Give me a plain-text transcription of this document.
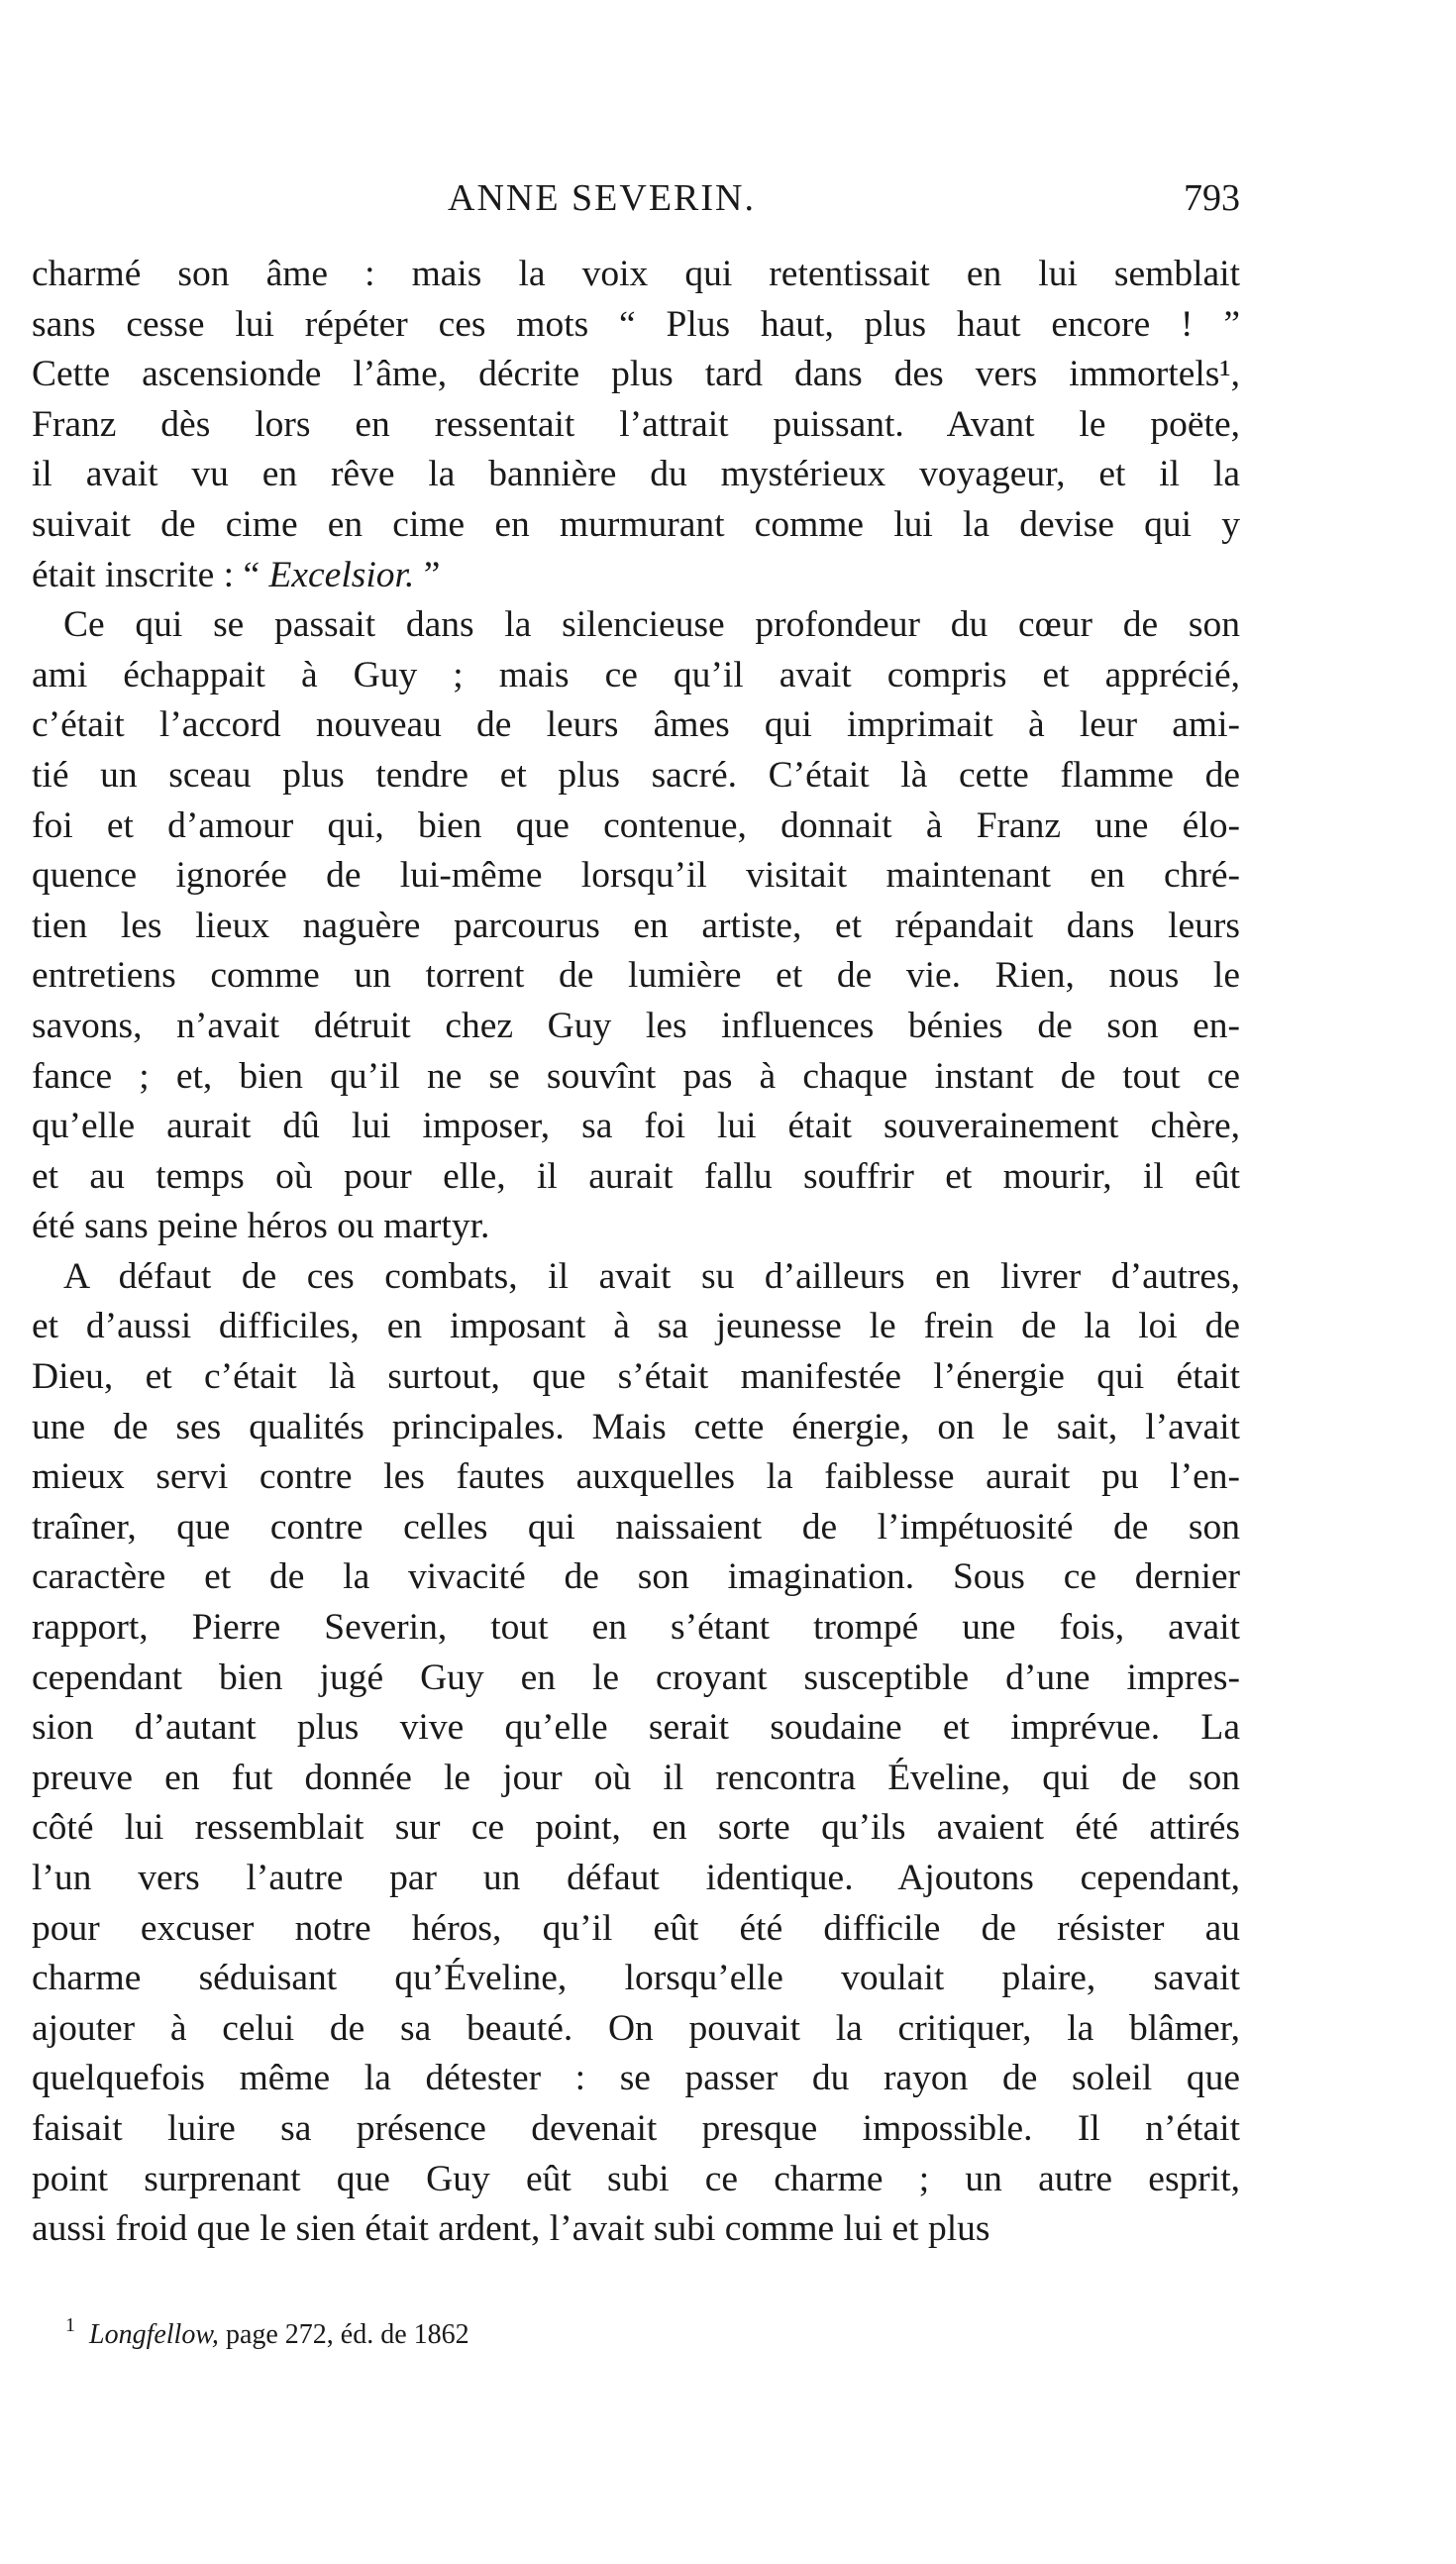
ANNE SEVERIN.	793
charmé son âme : mais la voix qui retentissait en lui semblait
sans cesse lui répéter ces mots “ Plus haut, plus haut encore ! ”
Cette ascensionde l’âme, décrite plus tard dans des vers immortels¹,
Franz dès lors en ressentait l’attrait puissant. Avant le poëte,
il avait vu en rêve la bannière du mystérieux voyageur, et il la
suivait de cime en cime en murmurant comme lui la devise qui y
était inscrite : “ Excelsior. ”
Ce qui se passait dans la silencieuse profondeur du cœur de son
ami échappait à Guy ; mais ce qu’il avait compris et apprécié,
c’était l’accord nouveau de leurs âmes qui imprimait à leur ami-
tié un sceau plus tendre et plus sacré. C’était là cette flamme de
foi et d’amour qui, bien que contenue, donnait à Franz une élo-
quence ignorée de lui-même lorsqu’il visitait maintenant en chré-
tien les lieux naguère parcourus en artiste, et répandait dans leurs
entretiens comme un torrent de lumière et de vie. Rien, nous le
savons, n’avait détruit chez Guy les influences bénies de son en-
fance ; et, bien qu’il ne se souvînt pas à chaque instant de tout ce
qu’elle aurait dû lui imposer, sa foi lui était souverainement chère,
et au temps où pour elle, il aurait fallu souffrir et mourir, il eût
été sans peine héros ou martyr.
A défaut de ces combats, il avait su d’ailleurs en livrer d’autres,
et d’aussi difficiles, en imposant à sa jeunesse le frein de la loi de
Dieu, et c’était là surtout, que s’était manifestée l’énergie qui était
une de ses qualités principales. Mais cette énergie, on le sait, l’avait
mieux servi contre les fautes auxquelles la faiblesse aurait pu l’en-
traîner, que contre celles qui naissaient de l’impétuosité de son
caractère et de la vivacité de son imagination. Sous ce dernier
rapport, Pierre Severin, tout en s’étant trompé une fois, avait
cependant bien jugé Guy en le croyant susceptible d’une impres-
sion d’autant plus vive qu’elle serait soudaine et imprévue. La
preuve en fut donnée le jour où il rencontra Éveline, qui de son
côté lui ressemblait sur ce point, en sorte qu’ils avaient été attirés
l’un vers l’autre par un défaut identique. Ajoutons cependant,
pour excuser notre héros, qu’il eût été difficile de résister au
charme séduisant qu’Éveline, lorsqu’elle voulait plaire, savait
ajouter à celui de sa beauté. On pouvait la critiquer, la blâmer,
quelquefois même la détester : se passer du rayon de soleil que
faisait luire sa présence devenait presque impossible. Il n’était
point surprenant que Guy eût subi ce charme ; un autre esprit,
aussi froid que le sien était ardent, l’avait subi comme lui et plus
$^1$ Longfellow, page 272, éd. de 1862
